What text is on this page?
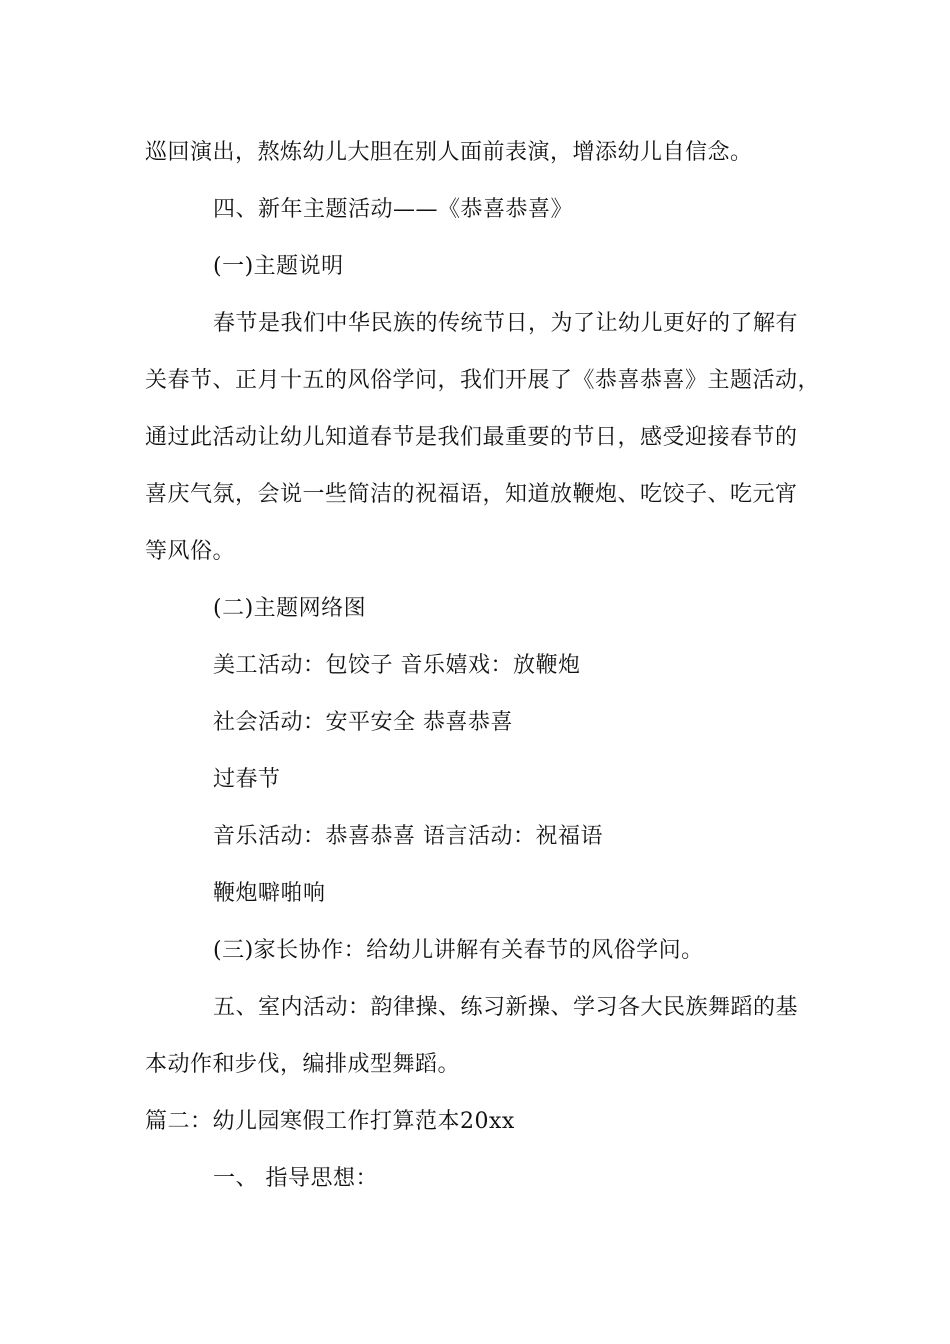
巡回演出，熬炼幼儿大胆在别人面前表演，增添幼儿自信念。
四、新年主题活动——《恭喜恭喜》
(一)主题说明
春节是我们中华民族的传统节日，为了让幼儿更好的了解有
关春节、正月十五的风俗学问，我们开展了《恭喜恭喜》主题活动，
通过此活动让幼儿知道春节是我们最重要的节日，感受迎接春节的
喜庆气氛，会说一些简洁的祝福语，知道放鞭炮、吃饺子、吃元宵
等风俗。
(二)主题网络图
美工活动：包饺子 音乐嬉戏：放鞭炮
社会活动：安平安全 恭喜恭喜
过春节
音乐活动：恭喜恭喜 语言活动：祝福语
鞭炮噼啪响
(三)家长协作：给幼儿讲解有关春节的风俗学问。
五、室内活动：韵律操、练习新操、学习各大民族舞蹈的基
本动作和步伐，编排成型舞蹈。
篇二：幼儿园寒假工作打算范本20xx
一、 指导思想：
